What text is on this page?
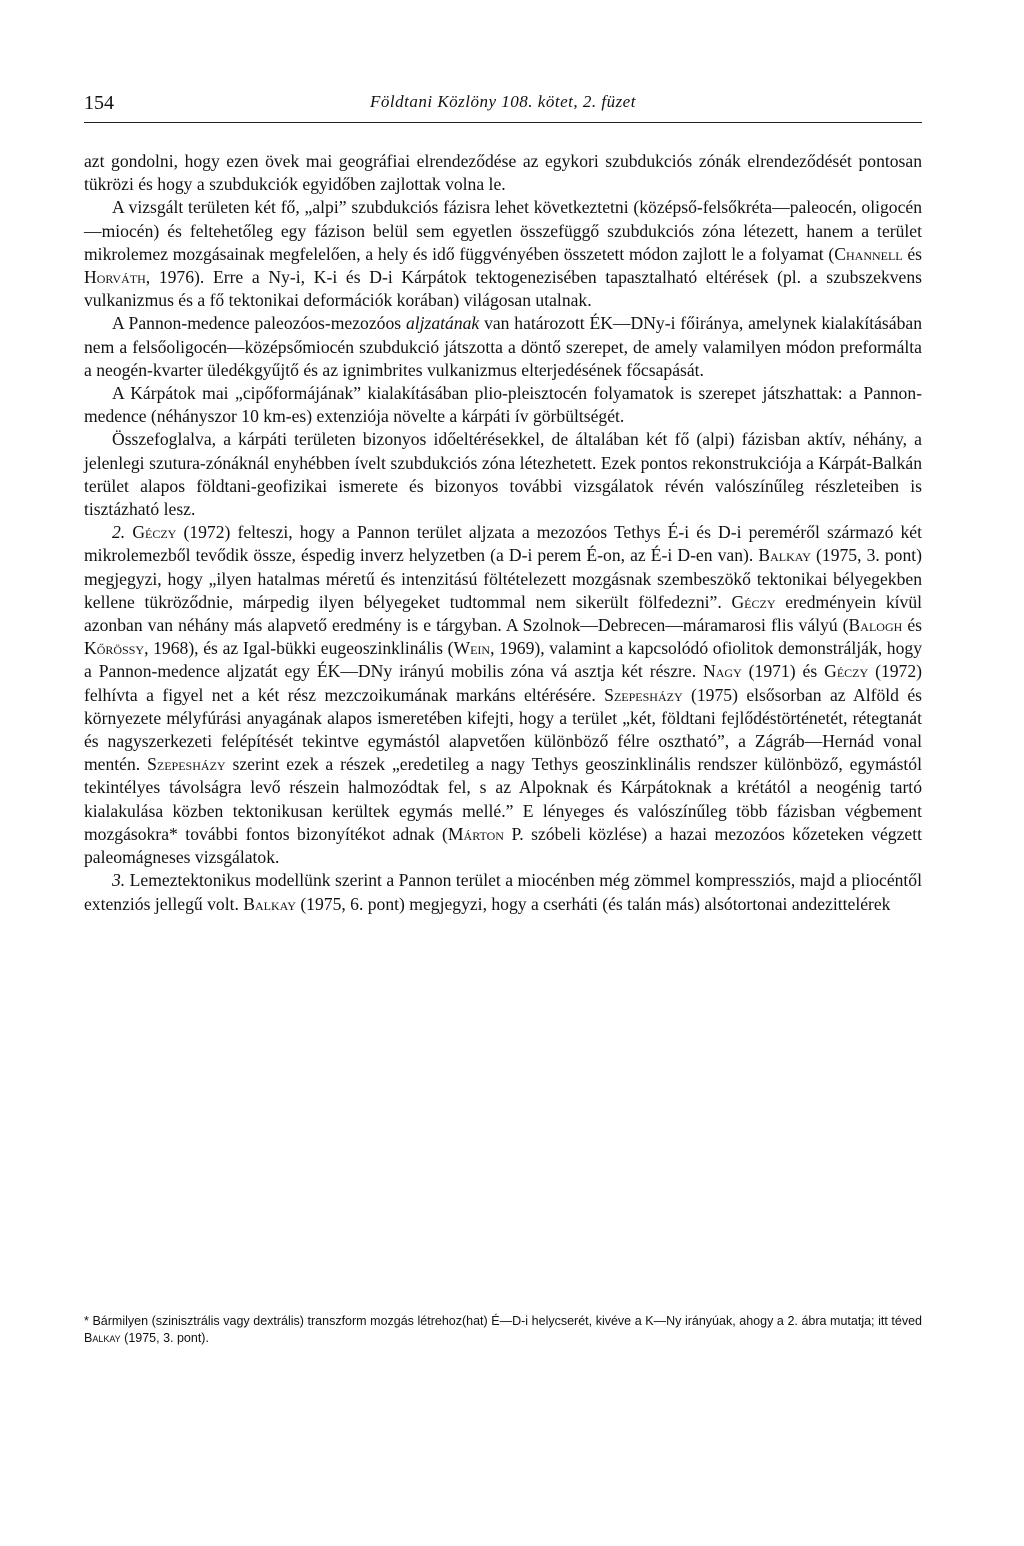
154	Földtani Közlöny 108. kötet, 2. füzet

azt gondolni, hogy ezen övek mai geográfiai elrendeződése az egykori szubdukciós zónák elrendeződését pontosan tükrözi és hogy a szubdukciók egyidőben zajlottak volna le.

A vizsgált területen két fő, „alpi” szubdukciós fázisra lehet következtetni (középső-felsőkréta—paleocén, oligocén—miocén) és feltehetőleg egy fázison belül sem egyetlen összefüggő szubdukciós zóna létezett, hanem a terület mikrolemez mozgásainak megfelelően, a hely és idő függvényében összetett módon zajlott le a folyamat (Channell és Horváth, 1976). Erre a Ny-i, K-i és D-i Kárpátok tektogenezisében tapasztalható eltérések (pl. a szubszekvens vulkanizmus és a fő tektonikai deformációk korában) világosan utalnak.

A Pannon-medence paleozóos-mezozóos aljzatának van határozott ÉK—DNy-i főiránya, amelynek kialakításában nem a felsőoligocén—középsőmiocén szubdukció játszotta a döntő szerepet, de amely valamilyen módon preformálta a neogén-kvarter üledékgyűjtő és az ignimbrites vulkanizmus elterjedésének főcsapását.

A Kárpátok mai „cipőformájának” kialakításában plio-pleisztocén folyamatok is szerepet játszhattak: a Pannon-medence (néhányszor 10 km-es) extenziója növelte a kárpáti ív görbültségét.

Összefoglalva, a kárpáti területen bizonyos időeltérésekkel, de általában két fő (alpi) fázisban aktív, néhány, a jelenlegi szutura-zónáknál enyhébben ívelt szubdukciós zóna létezhetett. Ezek pontos rekonstrukciója a Kárpát-Balkán terület alapos földtani-geofizikai ismerete és bizonyos további vizsgálatok révén valószínűleg részleteiben is tisztázható lesz.

2. Géczy (1972) felteszi, hogy a Pannon terület aljzata a mezozóos Tethys É-i és D-i pereméről származó két mikrolemezből tevődik össze, éspedig inverz helyzetben (a D-i perem É-on, az É-i D-en van). Balkay (1975, 3. pont) megjegyzi, hogy „ilyen hatalmas méretű és intenzitású föltételezett mozgásnak szembeszökő tektonikai bélyegekben kellene tükröződnie, márpedig ilyen bélyegeket tudtommal nem sikerült fölfedezni”. Géczy eredményein kívül azonban van néhány más alapvető eredmény is e tárgyban. A Szolnok—Debrecen—máramarosi flis vályú (Balogh és Kőrössy, 1968), és az Igal-bükki eugeoszinklinális (Wein, 1969), valamint a kapcsolódó ofiolitok demonstrálják, hogy a Pannon-medence aljzatát egy ÉK—DNy irányú mobilis zóna vá asztja két részre. Nagy (1971) és Géczy (1972) felhívta a figyel net a két rész mezczoikumának markáns eltérésére. Szepesházy (1975) elsősorban az Alföld és környezete mélyfúrási anyagának alapos ismeretében kifejti, hogy a terület „két, földtani fejlődéstörténetét, rétegtanát és nagyszerkezeti felépítését tekintve egymástól alapvetően különböző félre osztható”, a Zágráb—Hernád vonal mentén. Szepesházy szerint ezek a részek „eredetileg a nagy Tethys geoszinklinális rendszer különböző, egymástól tekintélyes távolságra levő részein halmozódtak fel, s az Alpoknak és Kárpátoknak a krétától a neogénig tartó kialakulása közben tektonikusan kerültek egymás mellé.” E lényeges és valószínűleg több fázisban végbement mozgásokra* további fontos bizonyítékot adnak (Márton P. szóbeli közlése) a hazai mezozóos kőzeteken végzett paleomágneses vizsgálatok.

3. Lemeztektonikus modellünk szerint a Pannon terület a miocénben még zömmel kompressziós, majd a pliocéntől extenziós jellegű volt. Balkay (1975, 6. pont) megjegyzi, hogy a cserháti (és talán más) alsótortonai andezittelérek

* Bármilyen (szinisztrális vagy dextrális) transzform mozgás létrehoz(hat) É—D-i helycserét, kivéve a K—Ny irányúak, ahogy a 2. ábra mutatja; itt téved Balkay (1975, 3. pont).
